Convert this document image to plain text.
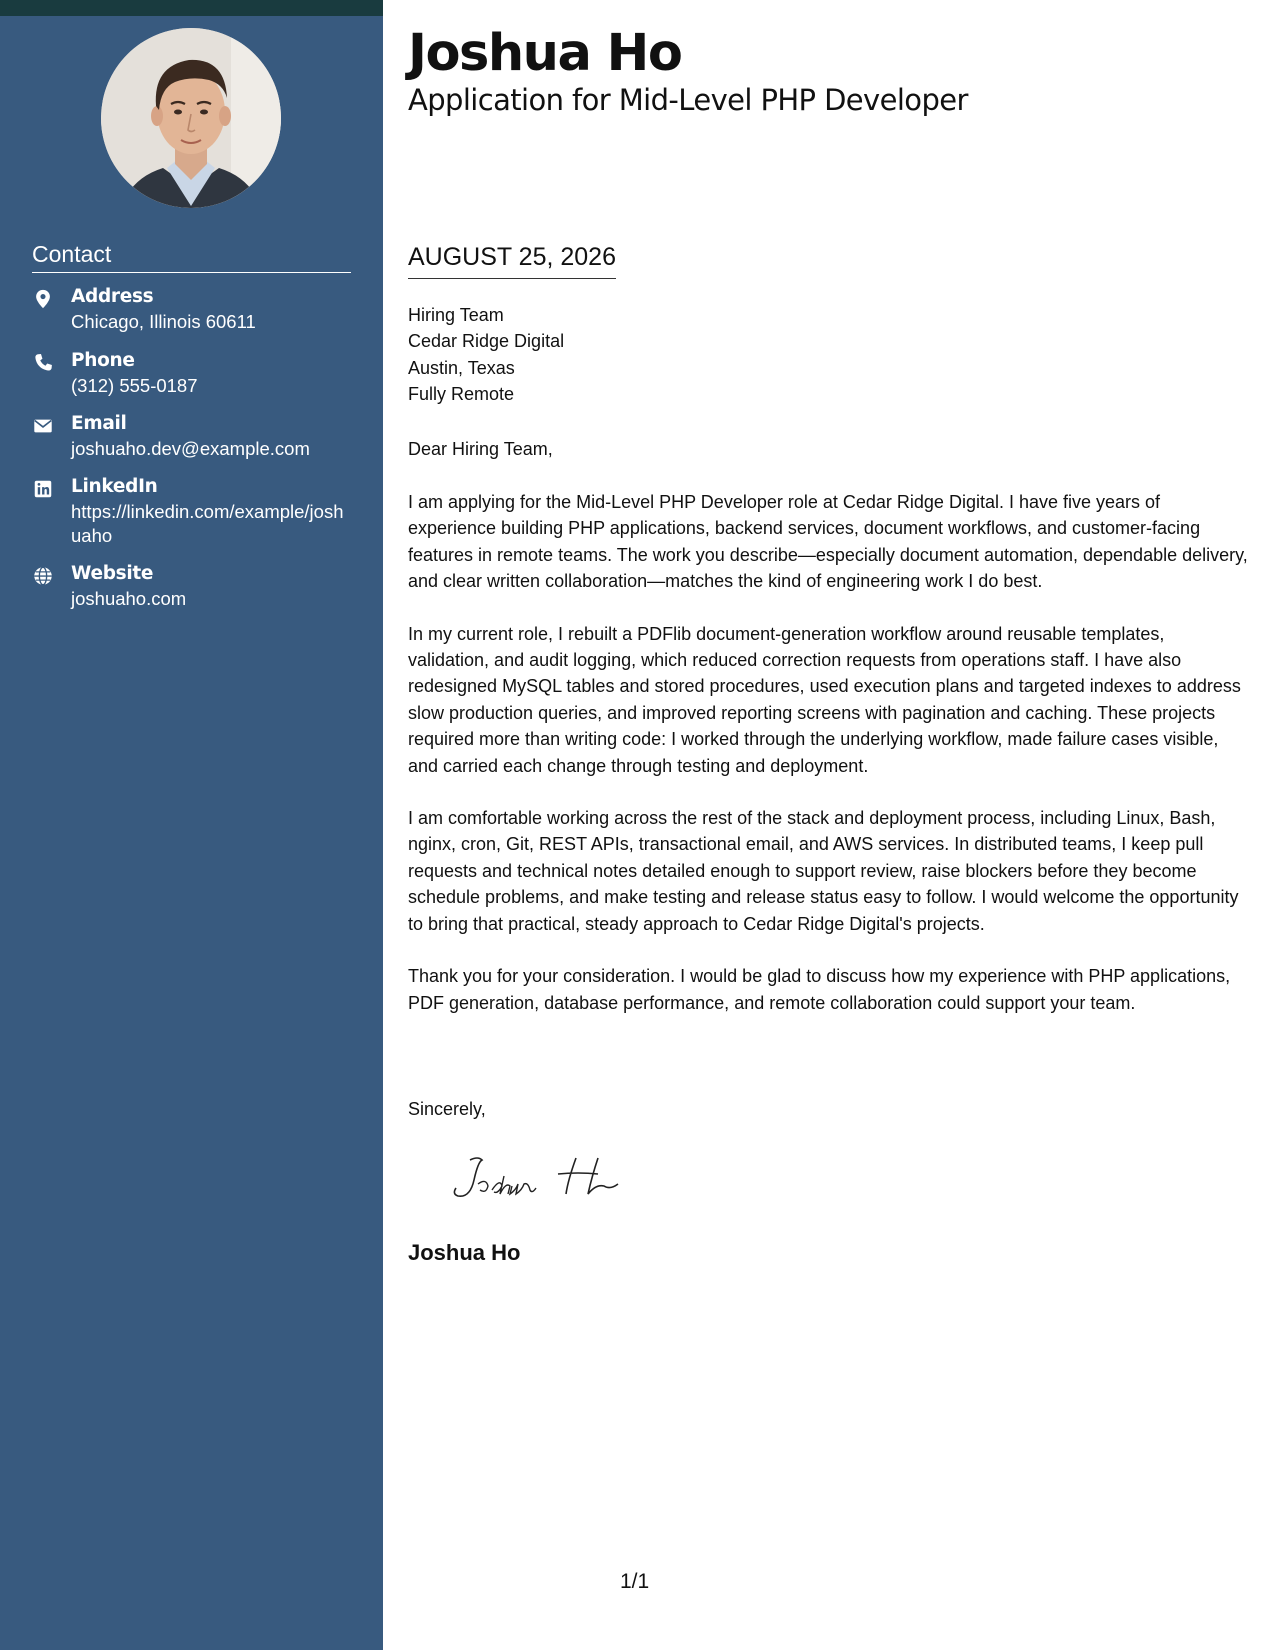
Contact
Address
Chicago, Illinois 60611
Phone
(312) 555-0187
Email
joshuaho.dev@example.com
LinkedIn
https://linkedin.com/example/joshuaho
Website
joshuaho.com
Joshua Ho
Application for Mid-Level PHP Developer
AUGUST 25, 2026
Hiring Team
Cedar Ridge Digital
Austin, Texas
Fully Remote
Dear Hiring Team,

I am applying for the Mid-Level PHP Developer role at Cedar Ridge Digital. I have five years of experience building PHP applications, backend services, document workflows, and customer-facing features in remote teams. The work you describe—especially document automation, dependable delivery, and clear written collaboration—matches the kind of engineering work I do best.

In my current role, I rebuilt a PDFlib document-generation workflow around reusable templates, validation, and audit logging, which reduced correction requests from operations staff. I have also redesigned MySQL tables and stored procedures, used execution plans and targeted indexes to address slow production queries, and improved reporting screens with pagination and caching. These projects required more than writing code: I worked through the underlying workflow, made failure cases visible, and carried each change through testing and deployment.

I am comfortable working across the rest of the stack and deployment process, including Linux, Bash, nginx, cron, Git, REST APIs, transactional email, and AWS services. In distributed teams, I keep pull requests and technical notes detailed enough to support review, raise blockers before they become schedule problems, and make testing and release status easy to follow. I would welcome the opportunity to bring that practical, steady approach to Cedar Ridge Digital's projects.

Thank you for your consideration. I would be glad to discuss how my experience with PHP applications, PDF generation, database performance, and remote collaboration could support your team.

Sincerely,
Joshua Ho
1/1
